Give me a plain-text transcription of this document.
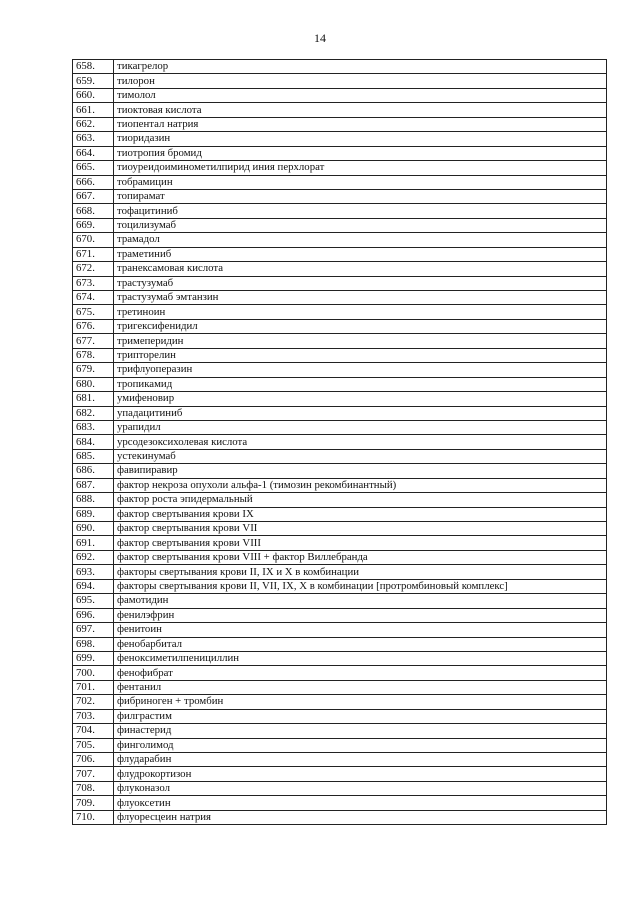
14
658.	тикагрелор
659.	тилорон
660.	тимолол
661.	тиоктовая кислота
662.	тиопентал натрия
663.	тиоридазин
664.	тиотропия бромид
665.	тиоуреидоиминометилпирид иния перхлорат
666.	тобрамицин
667.	топирамат
668.	тофацитиниб
669.	тоцилизумаб
670.	трамадол
671.	траметиниб
672.	транексамовая кислота
673.	трастузумаб
674.	трастузумаб эмтанзин
675.	третиноин
676.	тригексифенидил
677.	тримеперидин
678.	трипторелин
679.	трифлуоперазин
680.	тропикамид
681.	умифеновир
682.	упадацитиниб
683.	урапидил
684.	урсодезоксихолевая кислота
685.	устекинумаб
686.	фавипиравир
687.	фактор некроза опухоли альфа-1 (тимозин рекомбинантный)
688.	фактор роста эпидермальный
689.	фактор свертывания крови IX
690.	фактор свертывания крови VII
691.	фактор свертывания крови VIII
692.	фактор свертывания крови VIII + фактор Виллебранда
693.	факторы свертывания крови II, IX и X в комбинации
694.	факторы свертывания крови II, VII, IX, X в комбинации [протромбиновый комплекс]
695.	фамотидин
696.	фенилэфрин
697.	фенитоин
698.	фенобарбитал
699.	феноксиметилпенициллин
700.	фенофибрат
701.	фентанил
702.	фибриноген + тромбин
703.	филграстим
704.	финастерид
705.	финголимод
706.	флударабин
707.	флудрокортизон
708.	флуконазол
709.	флуоксетин
710.	флуоресцеин натрия
